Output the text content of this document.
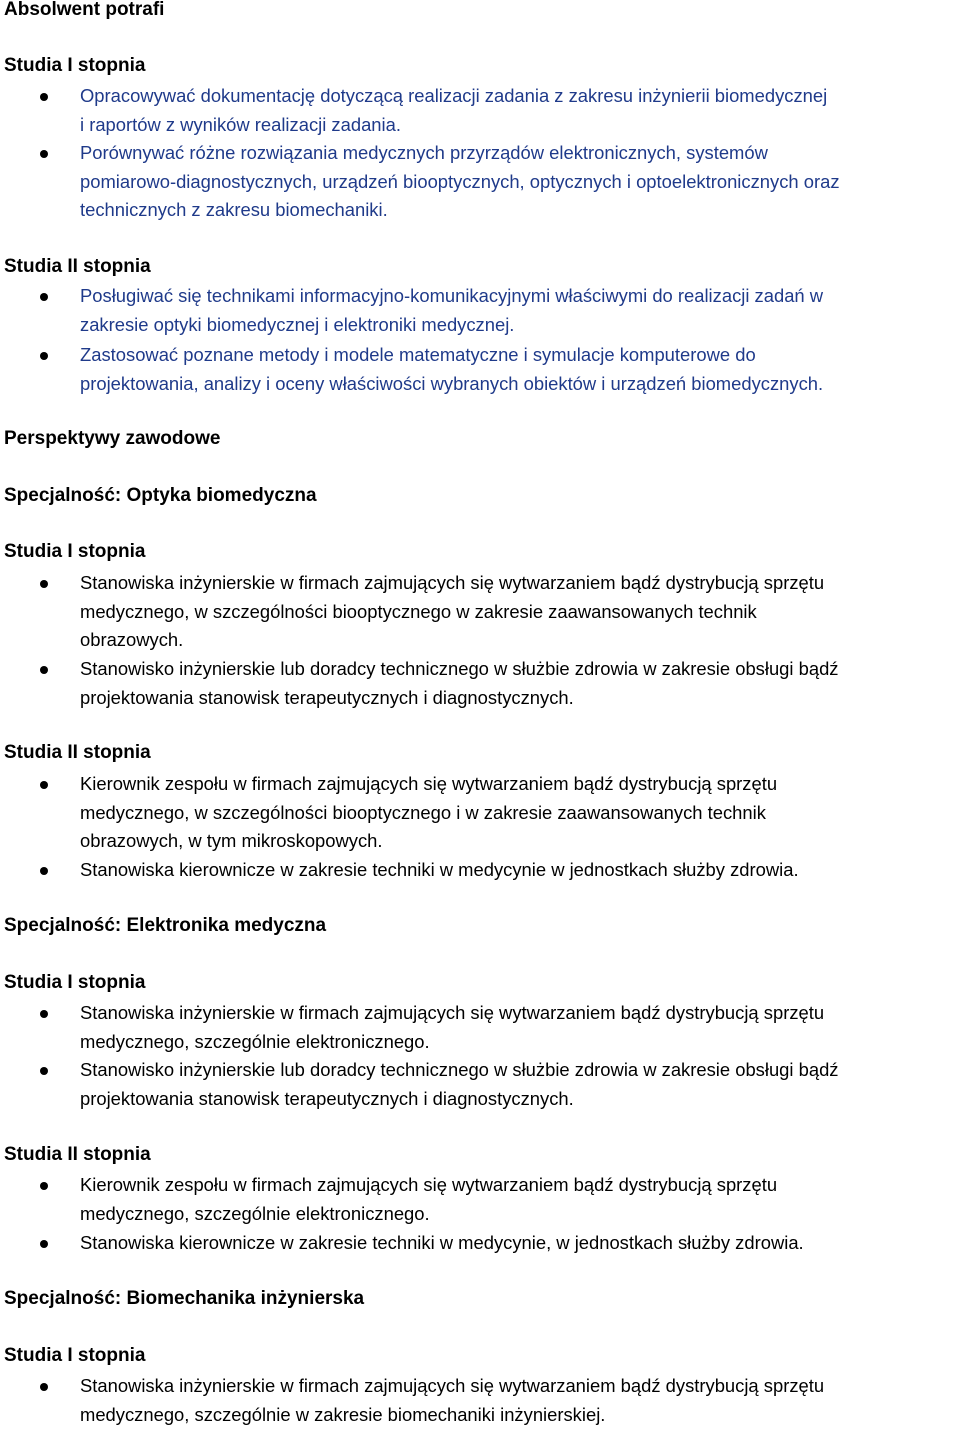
Absolwent potrafi
Studia I stopnia
Opracowywać dokumentację dotyczącą realizacji zadania z zakresu inżynierii biomedycznej
i raportów z wyników realizacji zadania.
Porównywać różne rozwiązania medycznych przyrządów elektronicznych, systemów
pomiarowo-diagnostycznych, urządzeń biooptycznych, optycznych i optoelektronicznych oraz
technicznych z zakresu biomechaniki.
Studia II stopnia
Posługiwać się technikami informacyjno-komunikacyjnymi właściwymi do realizacji zadań w
zakresie optyki biomedycznej i elektroniki medycznej.
Zastosować poznane metody i modele matematyczne i symulacje komputerowe do
projektowania, analizy i oceny właściwości wybranych obiektów i urządzeń biomedycznych.
Perspektywy zawodowe
Specjalność: Optyka biomedyczna
Studia I stopnia
Stanowiska inżynierskie w firmach zajmujących się wytwarzaniem bądź dystrybucją sprzętu
medycznego, w szczególności biooptycznego w zakresie zaawansowanych technik
obrazowych.
Stanowisko inżynierskie lub doradcy technicznego w służbie zdrowia w zakresie obsługi bądź
projektowania stanowisk terapeutycznych i diagnostycznych.
Studia II stopnia
Kierownik zespołu w firmach zajmujących się wytwarzaniem bądź dystrybucją sprzętu
medycznego, w szczególności biooptycznego i w zakresie zaawansowanych technik
obrazowych, w tym mikroskopowych.
Stanowiska kierownicze w zakresie techniki w medycynie w jednostkach służby zdrowia.
Specjalność: Elektronika medyczna
Studia I stopnia
Stanowiska inżynierskie w firmach zajmujących się wytwarzaniem bądź dystrybucją sprzętu
medycznego, szczególnie elektronicznego.
Stanowisko inżynierskie lub doradcy technicznego w służbie zdrowia w zakresie obsługi bądź
projektowania stanowisk terapeutycznych i diagnostycznych.
Studia II stopnia
Kierownik zespołu w firmach zajmujących się wytwarzaniem bądź dystrybucją sprzętu
medycznego, szczególnie elektronicznego.
Stanowiska kierownicze w zakresie techniki w medycynie, w jednostkach służby zdrowia.
Specjalność: Biomechanika inżynierska
Studia I stopnia
Stanowiska inżynierskie w firmach zajmujących się wytwarzaniem bądź dystrybucją sprzętu
medycznego, szczególnie w zakresie biomechaniki inżynierskiej.
